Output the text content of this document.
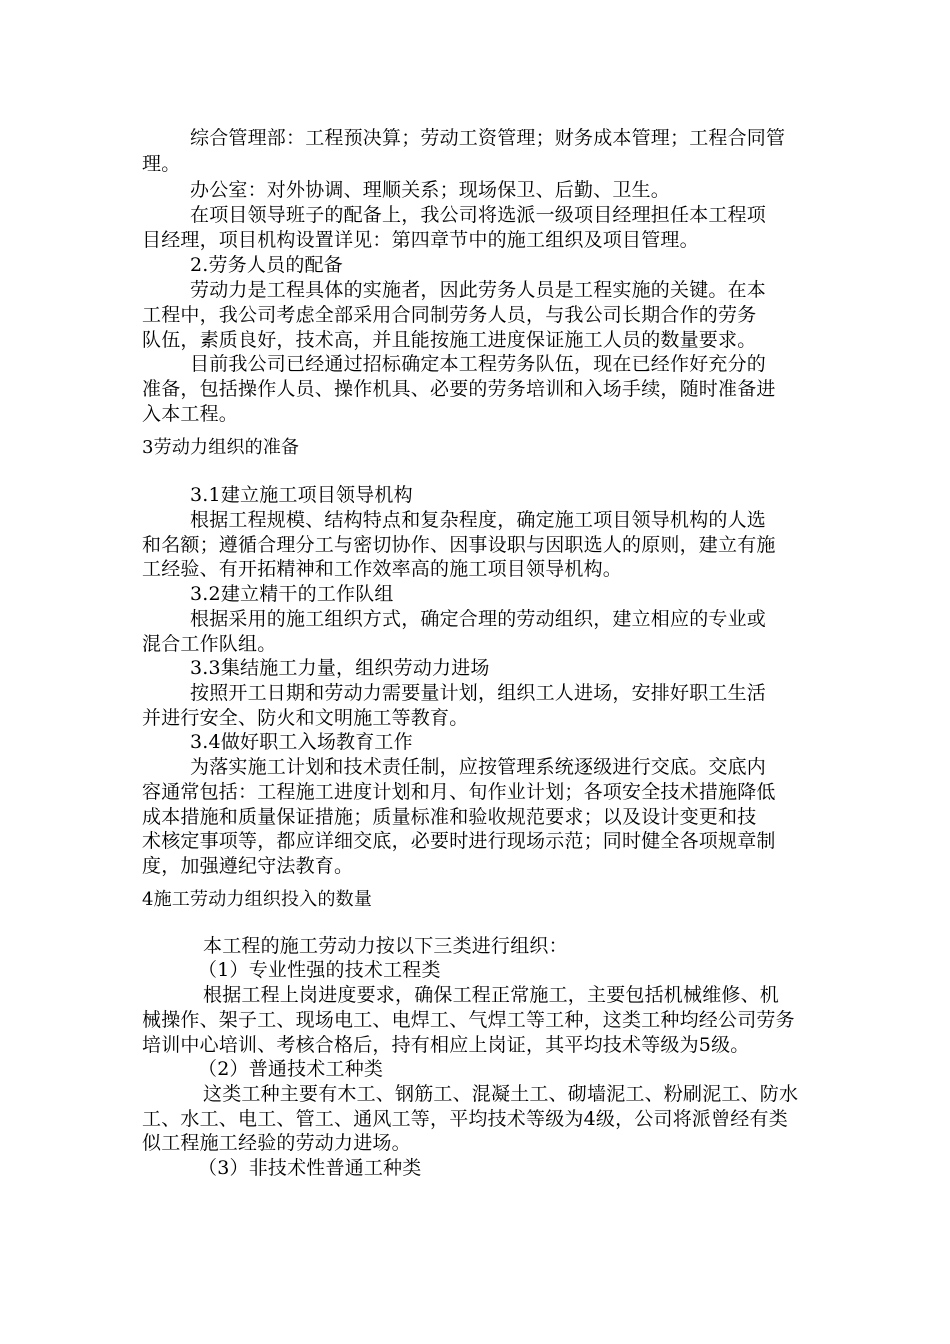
综合管理部：工程预决算；劳动工资管理；财务成本管理；工程合同管
理。
办公室：对外协调、理顺关系；现场保卫、后勤、卫生。
在项目领导班子的配备上，我公司将选派一级项目经理担任本工程项
目经理，项目机构设置详见：第四章节中的施工组织及项目管理。
2.劳务人员的配备
劳动力是工程具体的实施者，因此劳务人员是工程实施的关键。在本
工程中，我公司考虑全部采用合同制劳务人员，与我公司长期合作的劳务
队伍，素质良好，技术高，并且能按施工进度保证施工人员的数量要求。
目前我公司已经通过招标确定本工程劳务队伍，现在已经作好充分的
准备，包括操作人员、操作机具、必要的劳务培训和入场手续，随时准备进
入本工程。
3劳动力组织的准备
3.1建立施工项目领导机构
根据工程规模、结构特点和复杂程度，确定施工项目领导机构的人选
和名额；遵循合理分工与密切协作、因事设职与因职选人的原则，建立有施
工经验、有开拓精神和工作效率高的施工项目领导机构。
3.2建立精干的工作队组
根据采用的施工组织方式，确定合理的劳动组织，建立相应的专业或
混合工作队组。
3.3集结施工力量，组织劳动力进场
按照开工日期和劳动力需要量计划，组织工人进场，安排好职工生活
并进行安全、防火和文明施工等教育。
3.4做好职工入场教育工作
为落实施工计划和技术责任制，应按管理系统逐级进行交底。交底内
容通常包括：工程施工进度计划和月、旬作业计划；各项安全技术措施降低
成本措施和质量保证措施；质量标准和验收规范要求；以及设计变更和技
术核定事项等，都应详细交底，必要时进行现场示范；同时健全各项规章制
度，加强遵纪守法教育。
4施工劳动力组织投入的数量
本工程的施工劳动力按以下三类进行组织：
（1）专业性强的技术工程类
根据工程上岗进度要求，确保工程正常施工，主要包括机械维修、机
械操作、架子工、现场电工、电焊工、气焊工等工种，这类工种均经公司劳务
培训中心培训、考核合格后，持有相应上岗证，其平均技术等级为5级。
（2）普通技术工种类
这类工种主要有木工、钢筋工、混凝土工、砌墙泥工、粉刷泥工、防水
工、水工、电工、管工、通风工等，平均技术等级为4级，公司将派曾经有类
似工程施工经验的劳动力进场。
（3）非技术性普通工种类
